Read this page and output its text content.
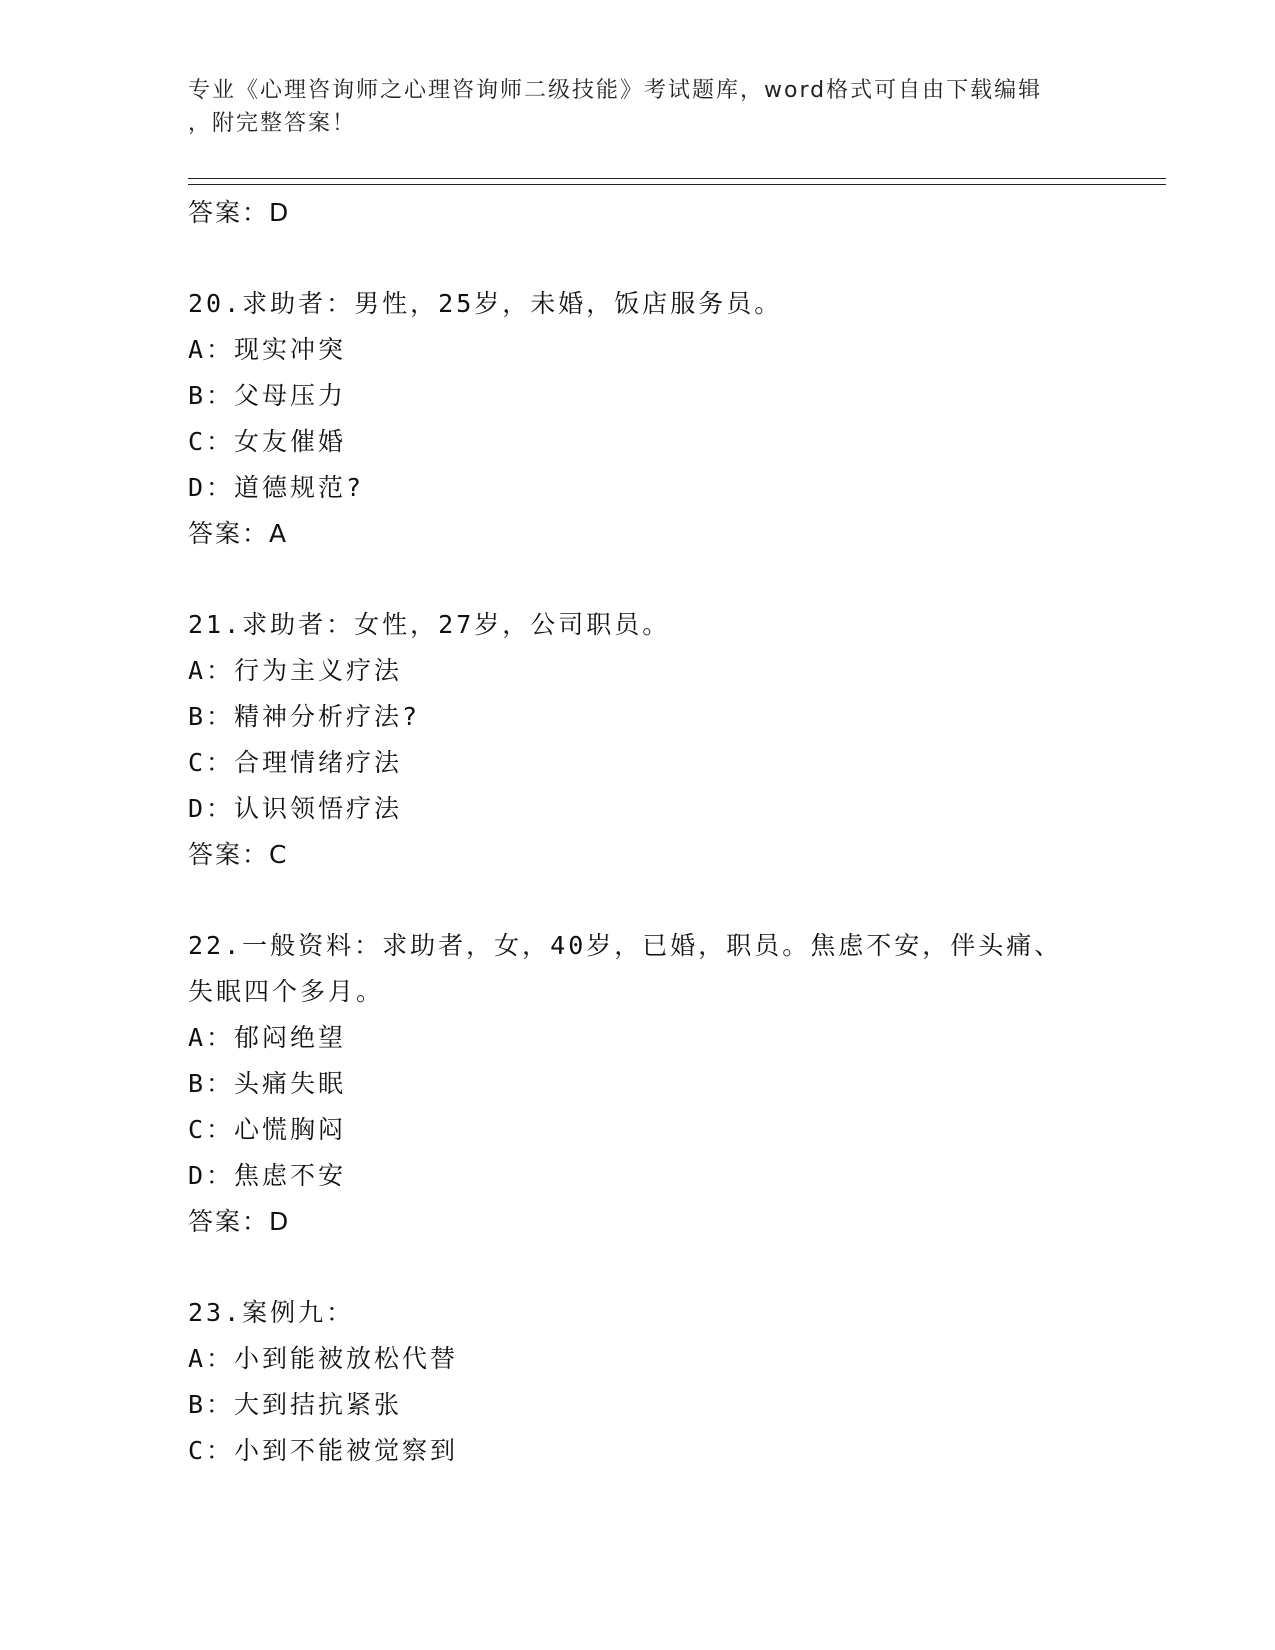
专业《心理咨询师之心理咨询师二级技能》考试题库，word格式可自由下载编辑
，附完整答案！
答案：D
20.求助者：男性，25岁，未婚，饭店服务员。
A：现实冲突
B：父母压力
C：女友催婚
D：道德规范?
答案：A
21.求助者：女性，27岁，公司职员。
A：行为主义疗法
B：精神分析疗法?
C：合理情绪疗法
D：认识领悟疗法
答案：C
22.一般资料：求助者，女，40岁，已婚，职员。焦虑不安，伴头痛、
失眠四个多月。
A：郁闷绝望
B：头痛失眠
C：心慌胸闷
D：焦虑不安
答案：D
23.案例九：
A：小到能被放松代替
B：大到拮抗紧张
C：小到不能被觉察到
